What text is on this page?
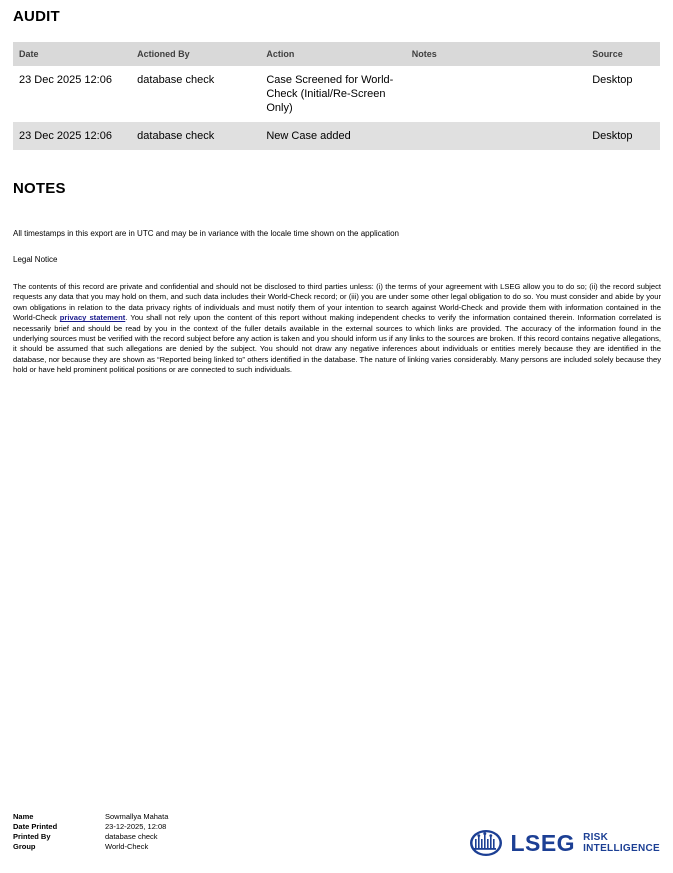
AUDIT
Date	Actioned By	Action	Notes	Source
23 Dec 2025 12:06	database check	Case Screened for World-Check (Initial/Re-Screen Only)		Desktop
23 Dec 2025 12:06	database check	New Case added		Desktop
NOTES
All timestamps in this export are in UTC and may be in variance with the locale time shown on the application
Legal Notice
The contents of this record are private and confidential and should not be disclosed to third parties unless: (i) the terms of your agreement with LSEG allow you to do so; (ii) the record subject requests any data that you may hold on them, and such data includes their World-Check record; or (iii) you are under some other legal obligation to do so. You must consider and abide by your own obligations in relation to the data privacy rights of individuals and must notify them of your intention to search against World-Check and provide them with information contained in the World-Check privacy statement. You shall not rely upon the content of this report without making independent checks to verify the information contained therein. Information correlated is necessarily brief and should be read by you in the context of the fuller details available in the external sources to which links are provided. The accuracy of the information found in the underlying sources must be verified with the record subject before any action is taken and you should inform us if any links to the sources are broken. If this record contains negative allegations, it should be assumed that such allegations are denied by the subject. You should not draw any negative inferences about individuals or entities merely because they are identified in the database, nor because they are shown as “Reported being linked to” others identified in the database. The nature of linking varies considerably. Many persons are included solely because they hold or have held prominent political positions or are connected to such individuals.
Name	Sowmallya Mahata
Date Printed	23-12-2025, 12:08
Printed By	database check
Group	World-Check	LSEG RISK
INTELLIGENCE
